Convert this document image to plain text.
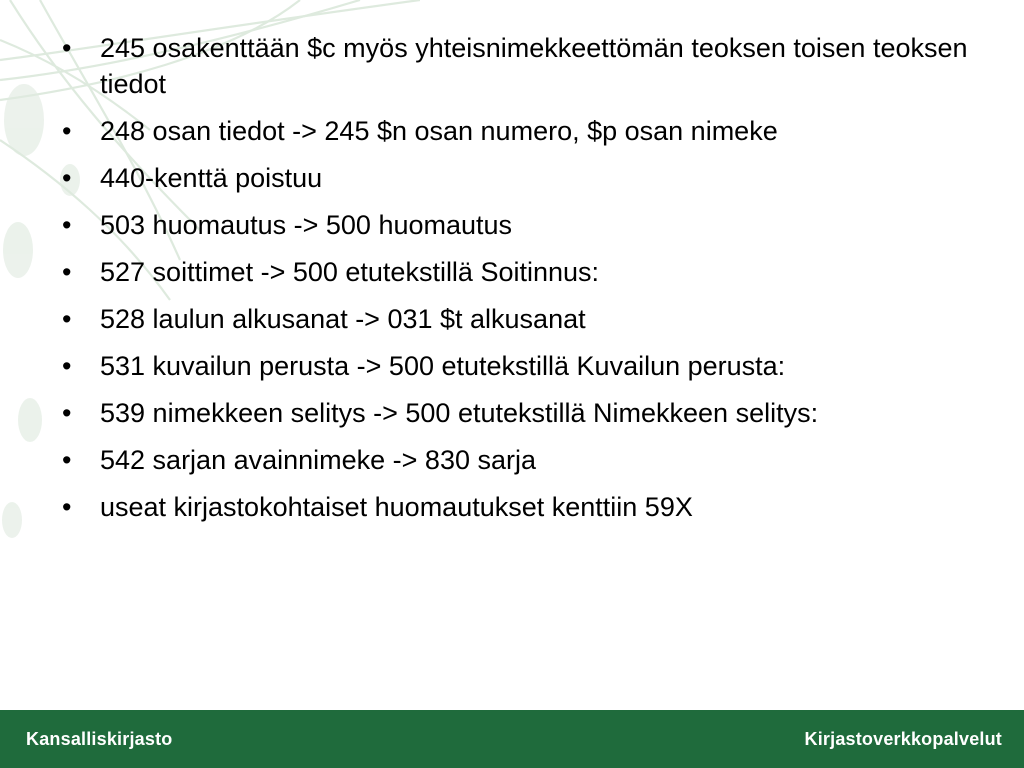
•	245 osakenttään $c myös yhteisnimekkeettömän teoksen toisen teoksen tiedot
•	248 osan tiedot -> 245 $n osan numero, $p osan nimeke
•	440-kenttä poistuu
•	503 huomautus -> 500 huomautus
•	527 soittimet -> 500 etutekstillä Soitinnus:
•	528 laulun alkusanat -> 031 $t alkusanat
•	531 kuvailun perusta -> 500 etutekstillä Kuvailun perusta:
•	539 nimekkeen selitys -> 500 etutekstillä Nimekkeen selitys:
•	542 sarjan avainnimeke -> 830 sarja
•	useat kirjastokohtaiset huomautukset kenttiin 59X
Kansalliskirjasto	Kirjastoverkkopalvelut
